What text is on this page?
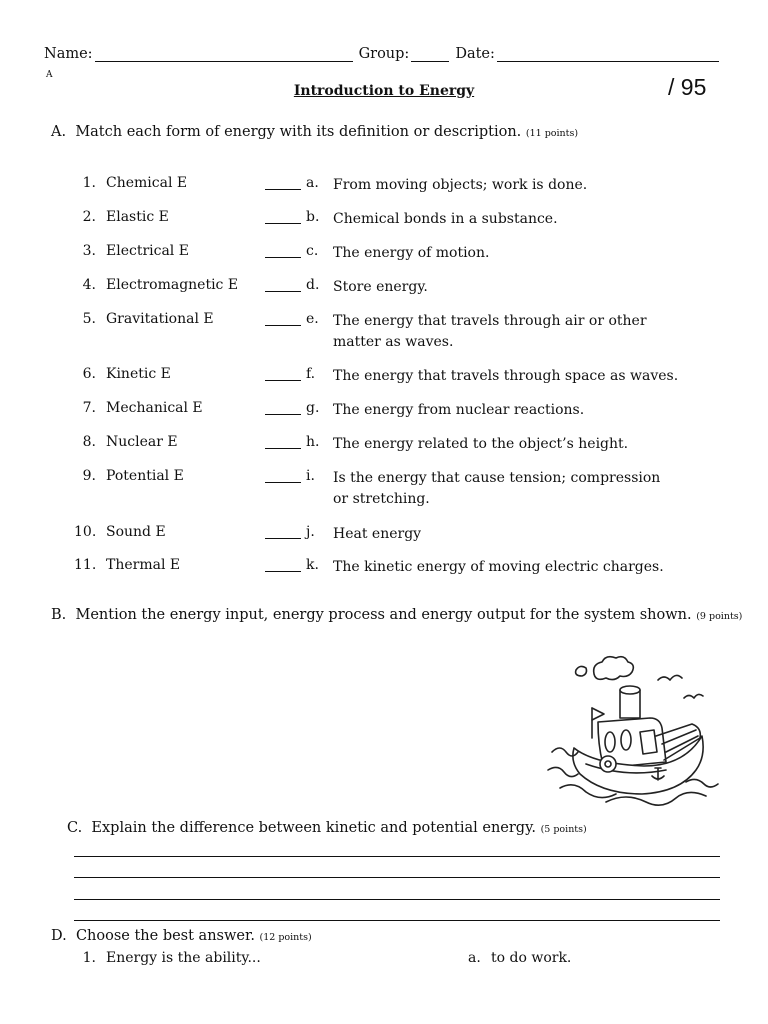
Name:	Group:	Date:
A
Introduction to Energy	/ 95
A. Match each form of energy with its definition or description. (11 points)
1. Chemical E	a. From moving objects; work is done.
2. Elastic E	b. Chemical bonds in a substance.
3. Electrical E	c. The energy of motion.
4. Electromagnetic E	d. Store energy.
5. Gravitational E	e. The energy that travels through air or other matter as waves.
6. Kinetic E	f. The energy that travels through space as waves.
7. Mechanical E	g. The energy from nuclear reactions.
8. Nuclear E	h. The energy related to the object’s height.
9. Potential E	i. Is the energy that cause tension; compression or stretching.
10. Sound E	j. Heat energy
11. Thermal E	k. The kinetic energy of moving electric charges.
B. Mention the energy input, energy process and energy output for the system shown. (9 points)
C. Explain the difference between kinetic and potential energy. (5 points)
D. Choose the best answer. (12 points)
1. Energy is the ability...	a. to do work.
